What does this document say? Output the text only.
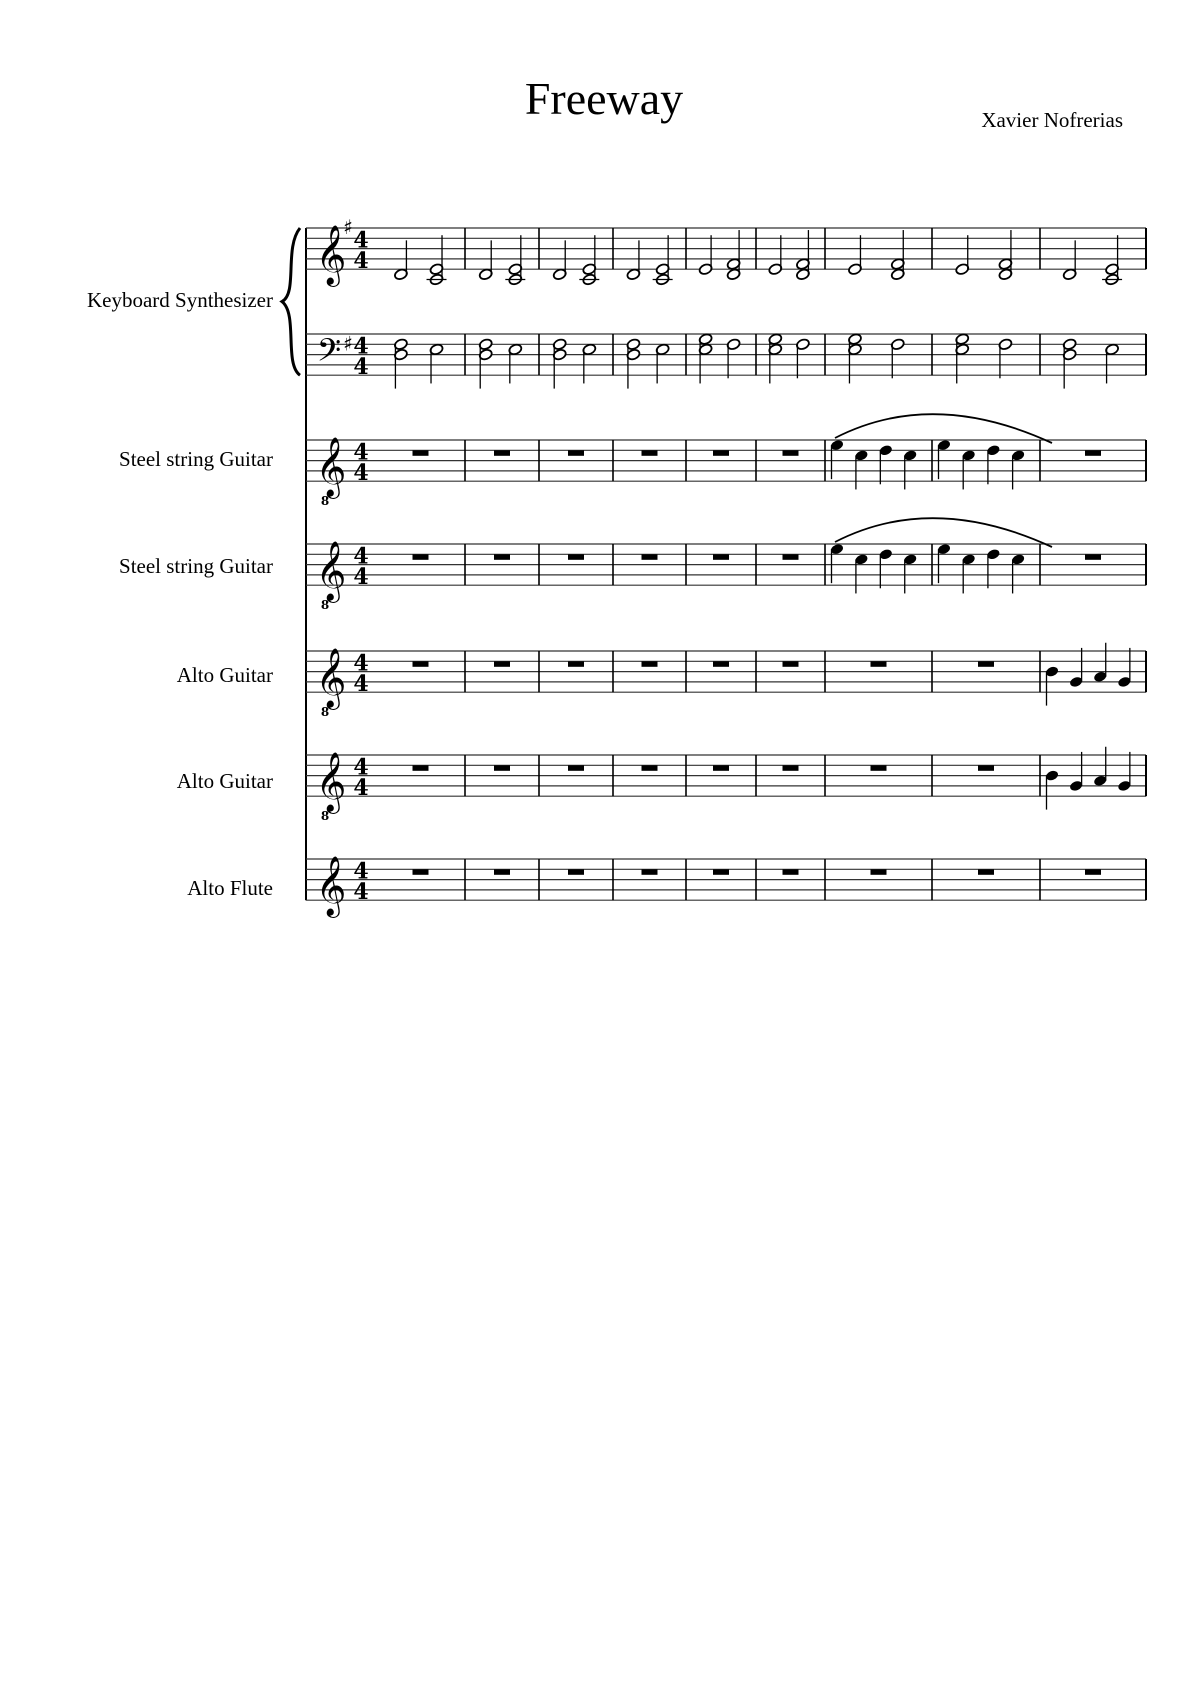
Freeway	Xavier Nofrerias
Keyboard Synthesizer
Steel string Guitar
Steel string Guitar
Alto Guitar
Alto Guitar
Alto Flute
𝄞
♯
4
4
𝄢 ♯ 4
4
𝄞
8
4
4
𝄞
8
4
4
𝄞
8
4
4
𝄞
8
4
4
𝄞 4
4
